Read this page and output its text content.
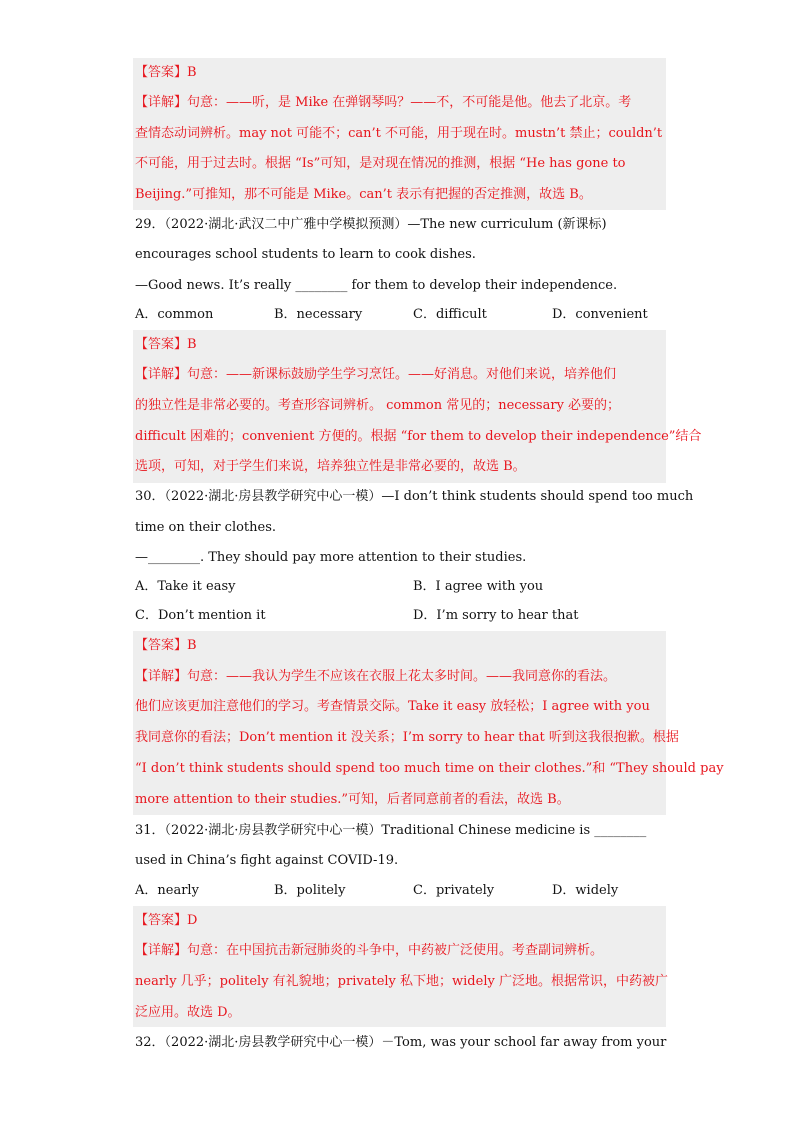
【答案】B
【详解】句意：——听，是 Mike 在弹钢琴吗？——不，不可能是他。他去了北京。考
查情态动词辨析。may not 可能不；can’t 不可能，用于现在时。mustn’t 禁止；couldn’t
不可能，用于过去时。根据 “Is”可知，是对现在情况的推测，根据 “He has gone to
Beijing.”可推知，那不可能是 Mike。can’t 表示有把握的否定推测，故选 B。
29．（2022·湖北·武汉二中广雅中学模拟预测）—The new curriculum (新课标)
encourages school students to learn to cook dishes.
—Good news. It’s really ________ for them to develop their independence.
A．common	B．necessary	C．difficult	D．convenient
【答案】B
【详解】句意：——新课标鼓励学生学习烹饪。——好消息。对他们来说，培养他们
的独立性是非常必要的。考查形容词辨析。 common 常见的；necessary 必要的；
difficult 困难的；convenient 方便的。根据 “for them to develop their independence”结合
选项，可知，对于学生们来说，培养独立性是非常必要的，故选 B。
30．（2022·湖北·房县教学研究中心一模）—I don’t think students should spend too much
time on their clothes.
—________. They should pay more attention to their studies.
A．Take it easy	B．I agree with you
C．Don’t mention it	D．I’m sorry to hear that
【答案】B
【详解】句意：——我认为学生不应该在衣服上花太多时间。——我同意你的看法。
他们应该更加注意他们的学习。考查情景交际。Take it easy 放轻松；I agree with you
我同意你的看法；Don’t mention it 没关系；I’m sorry to hear that 听到这我很抱歉。根据
“I don’t think students should spend too much time on their clothes.”和 “They should pay
more attention to their studies.”可知，后者同意前者的看法，故选 B。
31．（2022·湖北·房县教学研究中心一模）Traditional Chinese medicine is ________
used in China’s fight against COVID-19.
A．nearly	B．politely	C．privately	D．widely
【答案】D
【详解】句意：在中国抗击新冠肺炎的斗争中，中药被广泛使用。考查副词辨析。
nearly 几乎；politely 有礼貌地；privately 私下地；widely 广泛地。根据常识，中药被广
泛应用。故选 D。
32．（2022·湖北·房县教学研究中心一模）－Tom, was your school far away from your
